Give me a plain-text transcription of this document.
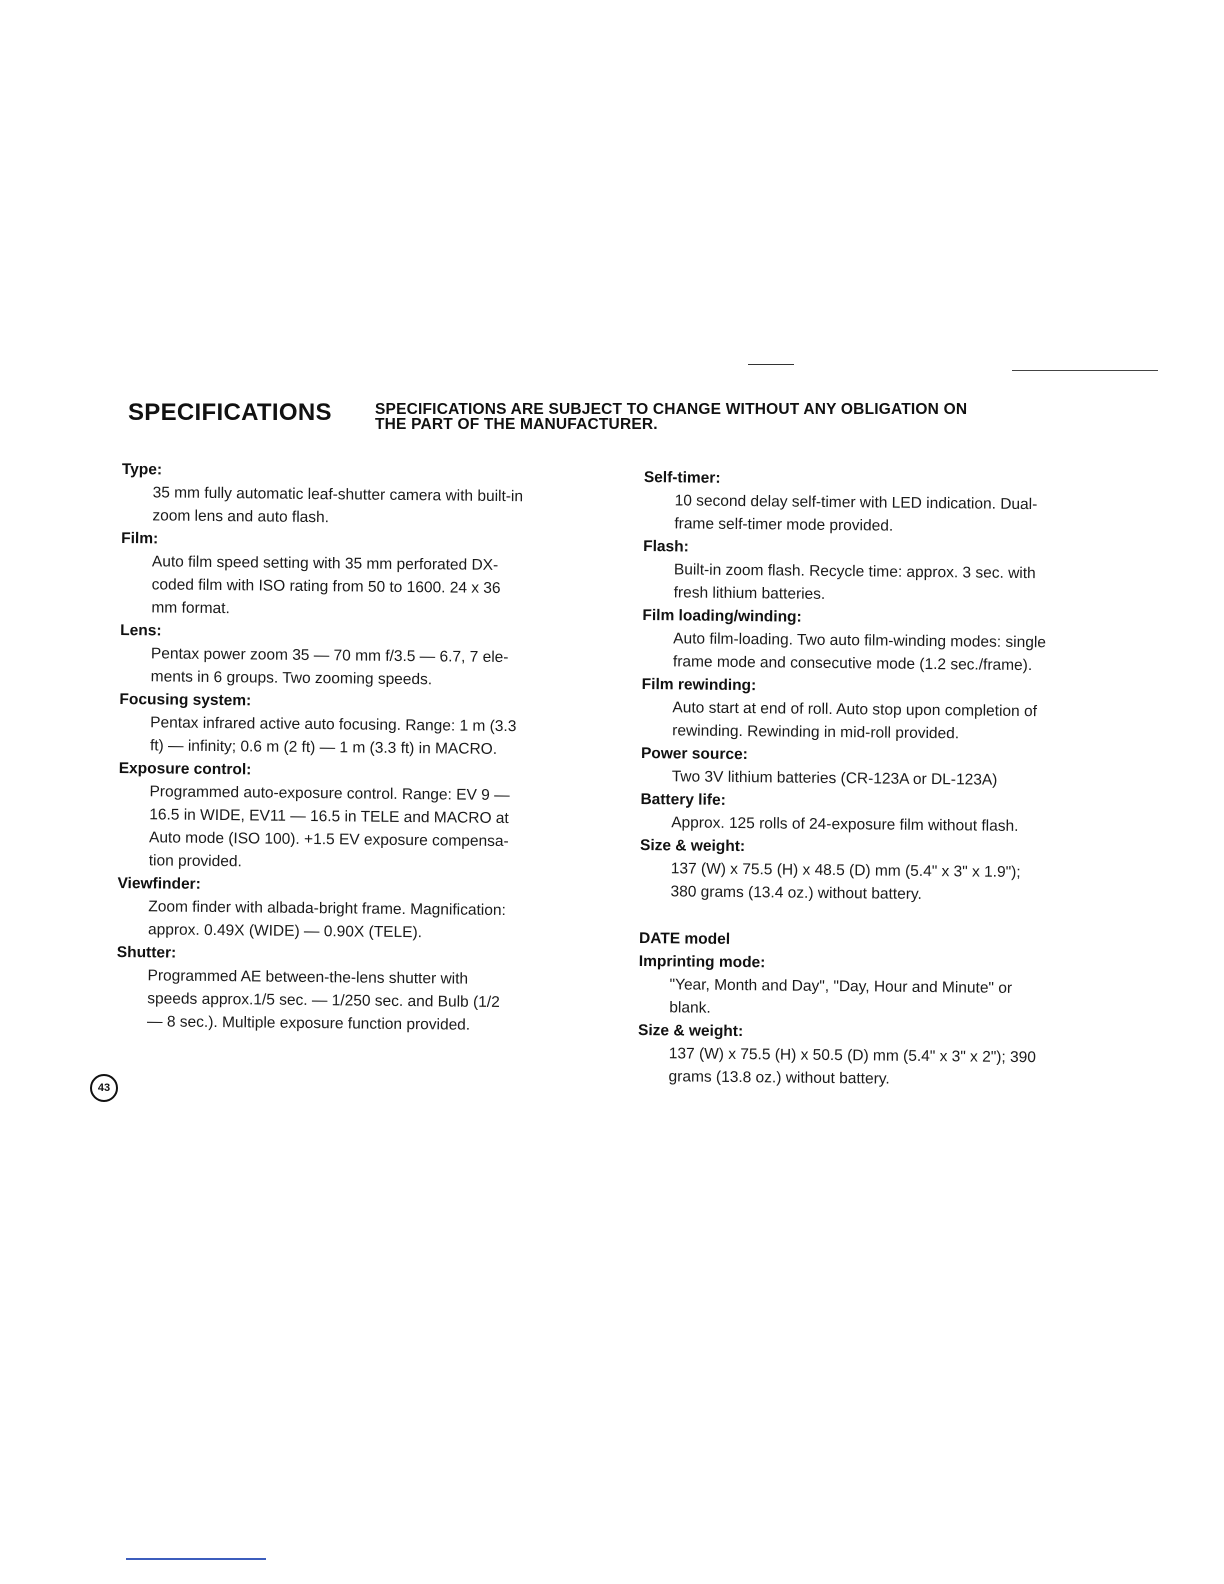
SPECIFICATIONS	SPECIFICATIONS ARE SUBJECT TO CHANGE WITHOUT ANY OBLIGATION ON
THE PART OF THE MANUFACTURER.
Type:
35 mm fully automatic leaf-shutter camera with built-in
zoom lens and auto flash.
Film:
Auto film speed setting with 35 mm perforated DX-
coded film with ISO rating from 50 to 1600. 24 x 36
mm format.
Lens:
Pentax power zoom 35 — 70 mm f/3.5 — 6.7, 7 ele-
ments in 6 groups. Two zooming speeds.
Focusing system:
Pentax infrared active auto focusing. Range: 1 m (3.3
ft) — infinity; 0.6 m (2 ft) — 1 m (3.3 ft) in MACRO.
Exposure control:
Programmed auto-exposure control. Range: EV 9 —
16.5 in WIDE, EV11 — 16.5 in TELE and MACRO at
Auto mode (ISO 100). +1.5 EV exposure compensa-
tion provided.
Viewfinder:
Zoom finder with albada-bright frame. Magnification:
approx. 0.49X (WIDE) — 0.90X (TELE).
Shutter:
Programmed AE between-the-lens shutter with
speeds approx.1/5 sec. — 1/250 sec. and Bulb (1/2
— 8 sec.). Multiple exposure function provided.
Self-timer:
10 second delay self-timer with LED indication. Dual-
frame self-timer mode provided.
Flash:
Built-in zoom flash. Recycle time: approx. 3 sec. with
fresh lithium batteries.
Film loading/winding:
Auto film-loading. Two auto film-winding modes: single
frame mode and consecutive mode (1.2 sec./frame).
Film rewinding:
Auto start at end of roll. Auto stop upon completion of
rewinding. Rewinding in mid-roll provided.
Power source:
Two 3V lithium batteries (CR-123A or DL-123A)
Battery life:
Approx. 125 rolls of 24-exposure film without flash.
Size & weight:
137 (W) x 75.5 (H) x 48.5 (D) mm (5.4" x 3" x 1.9");
380 grams (13.4 oz.) without battery.
DATE model
Imprinting mode:
"Year, Month and Day", "Day, Hour and Minute" or
blank.
Size & weight:
137 (W) x 75.5 (H) x 50.5 (D) mm (5.4" x 3" x 2"); 390
grams (13.8 oz.) without battery.
43
